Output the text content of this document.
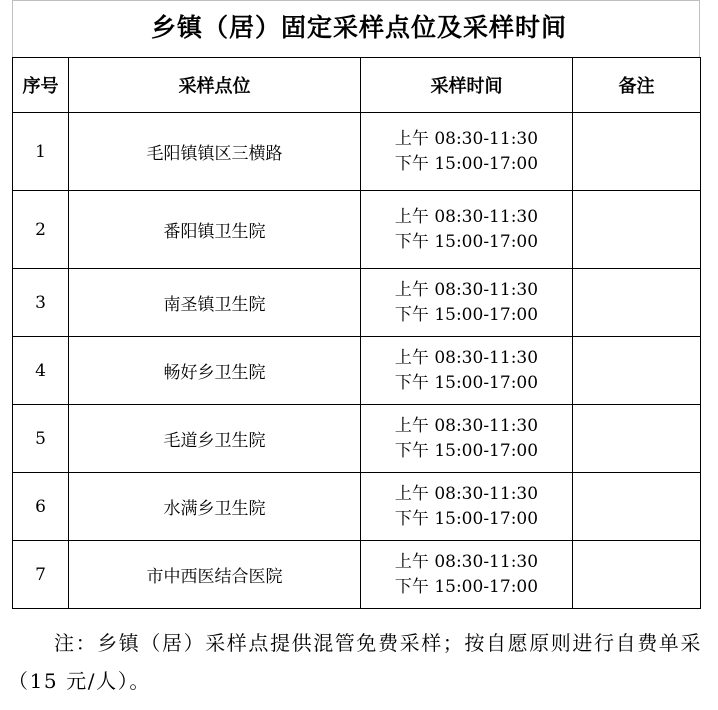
乡镇（居）固定采样点位及采样时间
序号	采样点位	采样时间	备注
1	毛阳镇镇区三横路	上午 08:30-11:30
下午 15:00-17:00	

2	番阳镇卫生院	上午 08:30-11:30
下午 15:00-17:00	

3	南圣镇卫生院	上午 08:30-11:30
下午 15:00-17:00	

4	畅好乡卫生院	上午 08:30-11:30
下午 15:00-17:00	

5	毛道乡卫生院	上午 08:30-11:30
下午 15:00-17:00	

6	水满乡卫生院	上午 08:30-11:30
下午 15:00-17:00	

7	市中西医结合医院	上午 08:30-11:30
下午 15:00-17:00	

注：乡镇（居）采样点提供混管免费采样；按自愿原则进行自费单采（15 元/人）。
